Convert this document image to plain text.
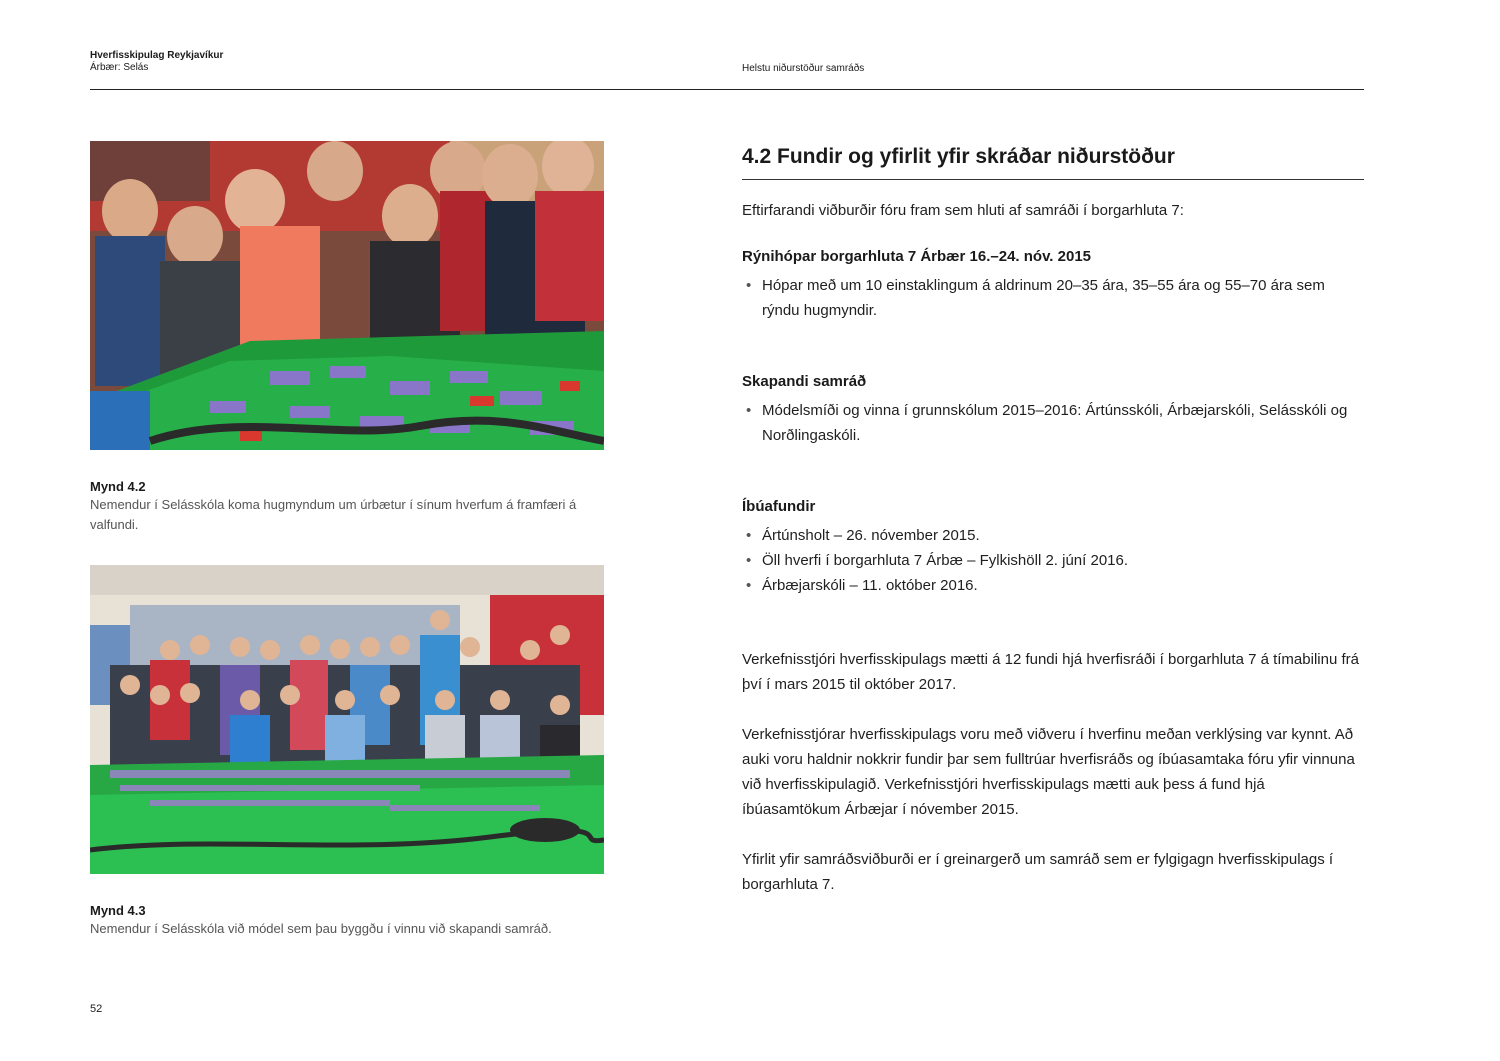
Hverfisskipulag Reykjavíkur
Árbær: Selás	Helstu niðurstöður samráðs
Mynd 4.2
Nemendur í Selásskóla koma hugmyndum um úrbætur í sínum hverfum á framfæri á valfundi.
Mynd 4.3
Nemendur í Selásskóla við módel sem þau byggðu í vinnu við skapandi samráð.
4.2 Fundir og yfirlit yfir skráðar niðurstöður
Eftirfarandi viðburðir fóru fram sem hluti af samráði í borgarhluta 7:
Rýnihópar borgarhluta 7 Árbær 16.–24. nóv. 2015
• Hópar með um 10 einstaklingum á aldrinum 20–35 ára, 35–55 ára og 55–70 ára sem rýndu hugmyndir.
Skapandi samráð
• Módelsmíði og vinna í grunnskólum 2015–2016: Ártúnsskóli, Árbæjarskóli, Selásskóli og Norðlingaskóli.
Íbúafundir
• Ártúnsholt – 26. nóvember 2015.
• Öll hverfi í borgarhluta 7 Árbæ – Fylkishöll 2. júní 2016.
• Árbæjarskóli – 11. október 2016.
Verkefnisstjóri hverfisskipulags mætti á 12 fundi hjá hverfisráði í borgarhluta 7 á tímabilinu frá því í mars 2015 til október 2017.
Verkefnisstjórar hverfisskipulags voru með viðveru í hverfinu meðan verklýsing var kynnt. Að auki voru haldnir nokkrir fundir þar sem fulltrúar hverfisráðs og íbúasamtaka fóru yfir vinnuna við hverfisskipulagið. Verkefnisstjóri hverfisskipulags mætti auk þess á fund hjá íbúasamtökum Árbæjar í nóvember 2015.
Yfirlit yfir samráðsviðburði er í greinargerð um samráð sem er fylgigagn hverfisskipulags í borgarhluta 7.
52
